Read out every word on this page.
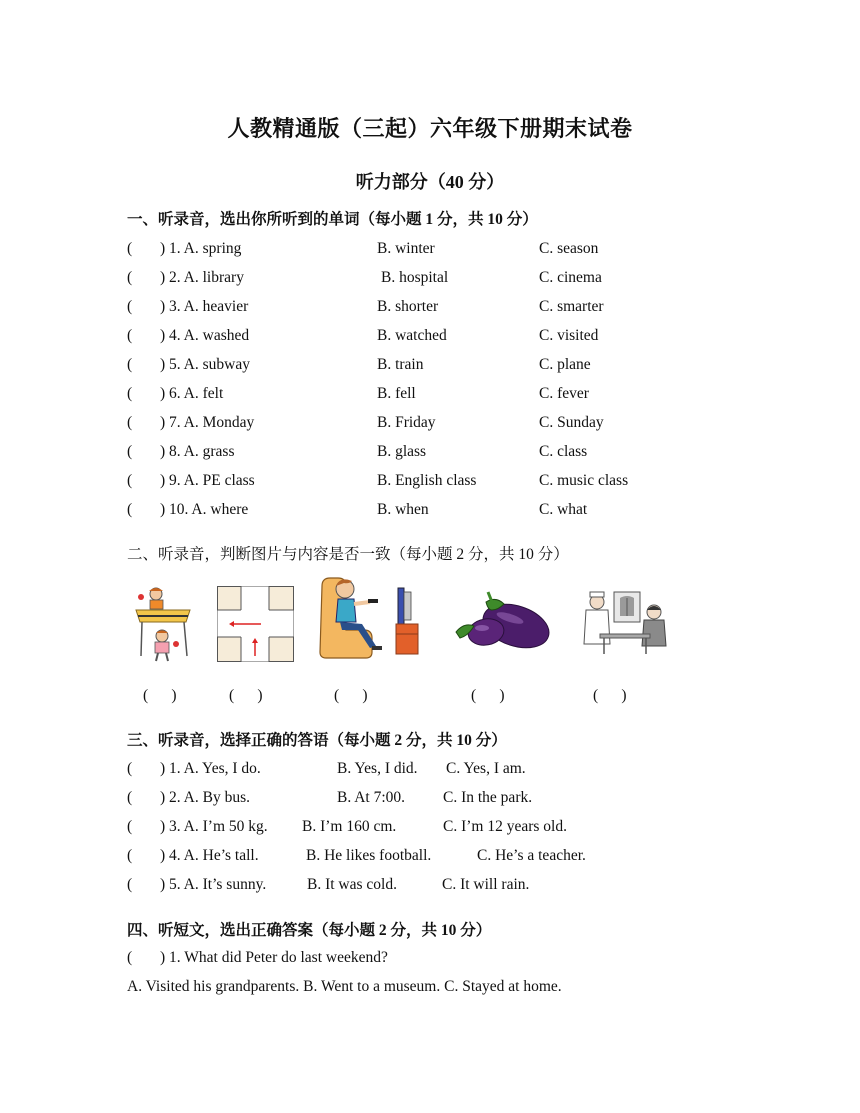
人教精通版（三起）六年级下册期末试卷
听力部分（40 分）
一、听录音，选出你所听到的单词（每小题 1 分，共 10 分）
( ) 1. A. spring	B. winter	C. season
( ) 2. A. library	B. hospital	C. cinema
( ) 3. A. heavier	B. shorter	C. smarter
( ) 4. A. washed	B. watched	C. visited
( ) 5. A. subway	B. train	C. plane
( ) 6. A. felt	B. fell	C. fever
( ) 7. A. Monday	B. Friday	C. Sunday
( ) 8. A. grass	B. glass	C. class
( ) 9. A. PE class	B. English class	C. music class
( ) 10. A. where	B. when	C. what
二、听录音，判断图片与内容是否一致（每小题 2 分，共 10 分）
(      )	(      )	(      )	(      )	(      )
三、听录音，选择正确的答语（每小题 2 分，共 10 分）
( ) 1. A. Yes, I do.	B. Yes, I did. C. Yes, I am.
( ) 2. A. By bus.	B. At 7:00. C. In the park.
( ) 3. A. I’m 50 kg. B. I’m 160 cm.	C. I’m 12 years old.
( ) 4. A. He’s tall.	B. He likes football.	C. He’s a teacher.
( ) 5. A. It’s sunny.	B. It was cold.	C. It will rain.
四、听短文，选出正确答案（每小题 2 分，共 10 分）
( ) 1. What did Peter do last weekend?
A. Visited his grandparents. B. Went to a museum. C. Stayed at home.
